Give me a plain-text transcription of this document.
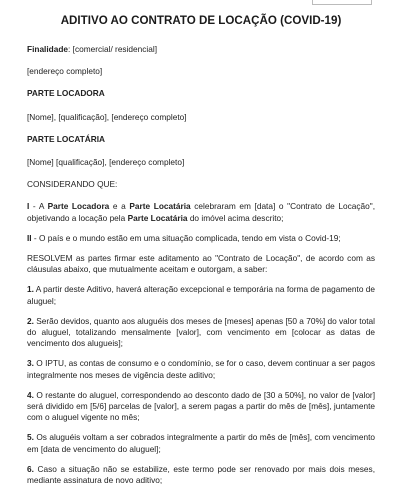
ADITIVO AO CONTRATO DE LOCAÇÃO (COVID-19)

Finalidade: [comercial/ residencial]

[endereço completo]

PARTE LOCADORA

[Nome], [qualificação], [endereço completo]

PARTE LOCATÁRIA

[Nome] [qualificação], [endereço completo]

CONSIDERANDO QUE:

I - A Parte Locadora e a Parte Locatária celebraram em [data] o "Contrato de Locação", objetivando a locação pela Parte Locatária do imóvel acima descrito;

II - O país e o mundo estão em uma situação complicada, tendo em vista o Covid-19;

RESOLVEM as partes firmar este aditamento ao "Contrato de Locação", de acordo com as cláusulas abaixo, que mutualmente aceitam e outorgam, a saber:

1. A partir deste Aditivo, haverá alteração excepcional e temporária na forma de pagamento de aluguel;

2. Serão devidos, quanto aos aluguéis dos meses de [meses] apenas [50 a 70%] do valor total do aluguel, totalizando mensalmente [valor], com vencimento em [colocar as datas de vencimento dos alugueis];

3. O IPTU, as contas de consumo e o condomínio, se for o caso, devem continuar a ser pagos integralmente nos meses de vigência deste aditivo;

4. O restante do aluguel, correspondendo ao desconto dado de [30 a 50%], no valor de [valor] será dividido em [5/6] parcelas de [valor], a serem pagas a partir do mês de [mês], juntamente com o aluguel vigente no mês;

5. Os aluguéis voltam a ser cobrados integralmente a partir do mês de [mês], com vencimento em [data de vencimento do aluguel];

6. Caso a situação não se estabilize, este termo pode ser renovado por mais dois meses, mediante assinatura de novo aditivo;
